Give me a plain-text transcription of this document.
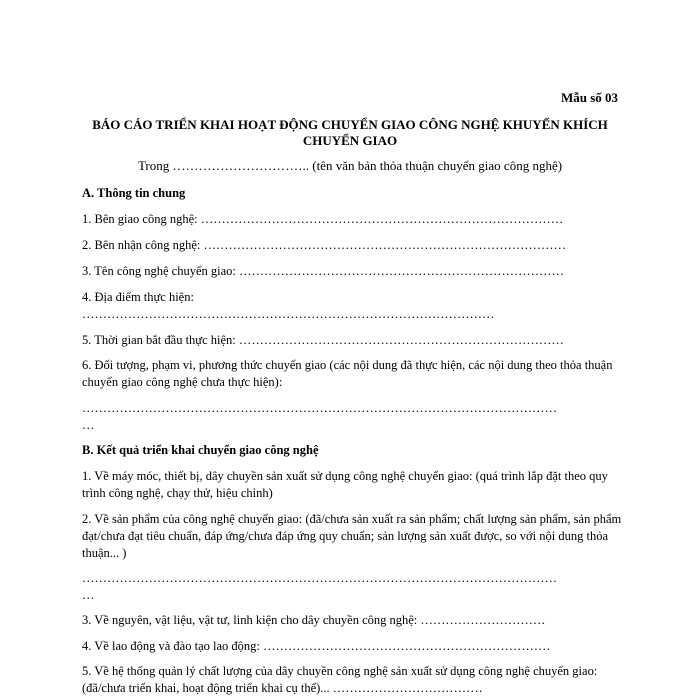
Mẫu số 03
BÁO CÁO TRIỂN KHAI HOẠT ĐỘNG CHUYỂN GIAO CÔNG NGHỆ KHUYẾN KHÍCH CHUYỂN GIAO
Trong ………………………….. (tên văn bản thỏa thuận chuyển giao công nghệ)
A. Thông tin chung
1. Bên giao công nghệ: ……………………………………………………………………………
2. Bên nhận công nghệ: ……………………………………………………………………………
3. Tên công nghệ chuyển giao: ……………………………………………………………………
4. Địa điểm thực hiện:
………………………………………………………………………………………
5. Thời gian bắt đầu thực hiện: ……………………………………………………………………
6. Đối tượng, phạm vi, phương thức chuyển giao (các nội dung đã thực hiện, các nội dung theo thỏa thuận chuyển giao công nghệ chưa thực hiện):
……………………………………………………………………………………………………
…
B. Kết quả triển khai chuyển giao công nghệ
1. Về máy móc, thiết bị, dây chuyền sản xuất sử dụng công nghệ chuyển giao: (quá trình lắp đặt theo quy trình công nghệ, chạy thử, hiệu chỉnh)
2. Về sản phẩm của công nghệ chuyển giao: (đã/chưa sản xuất ra sản phẩm; chất lượng sản phẩm, sản phẩm đạt/chưa đạt tiêu chuẩn, đáp ứng/chưa đáp ứng quy chuẩn; sản lượng sản xuất được, so với nội dung thỏa thuận... )
……………………………………………………………………………………………………
…
3. Về nguyên, vật liệu, vật tư, linh kiện cho dây chuyền công nghệ: …………………………
4. Về lao động và đào tạo lao động: ……………………………………………………………
5. Về hệ thống quản lý chất lượng của dây chuyền công nghệ sản xuất sử dụng công nghệ chuyển giao: (đã/chưa triển khai, hoạt động triển khai cụ thể)... ………………………………
